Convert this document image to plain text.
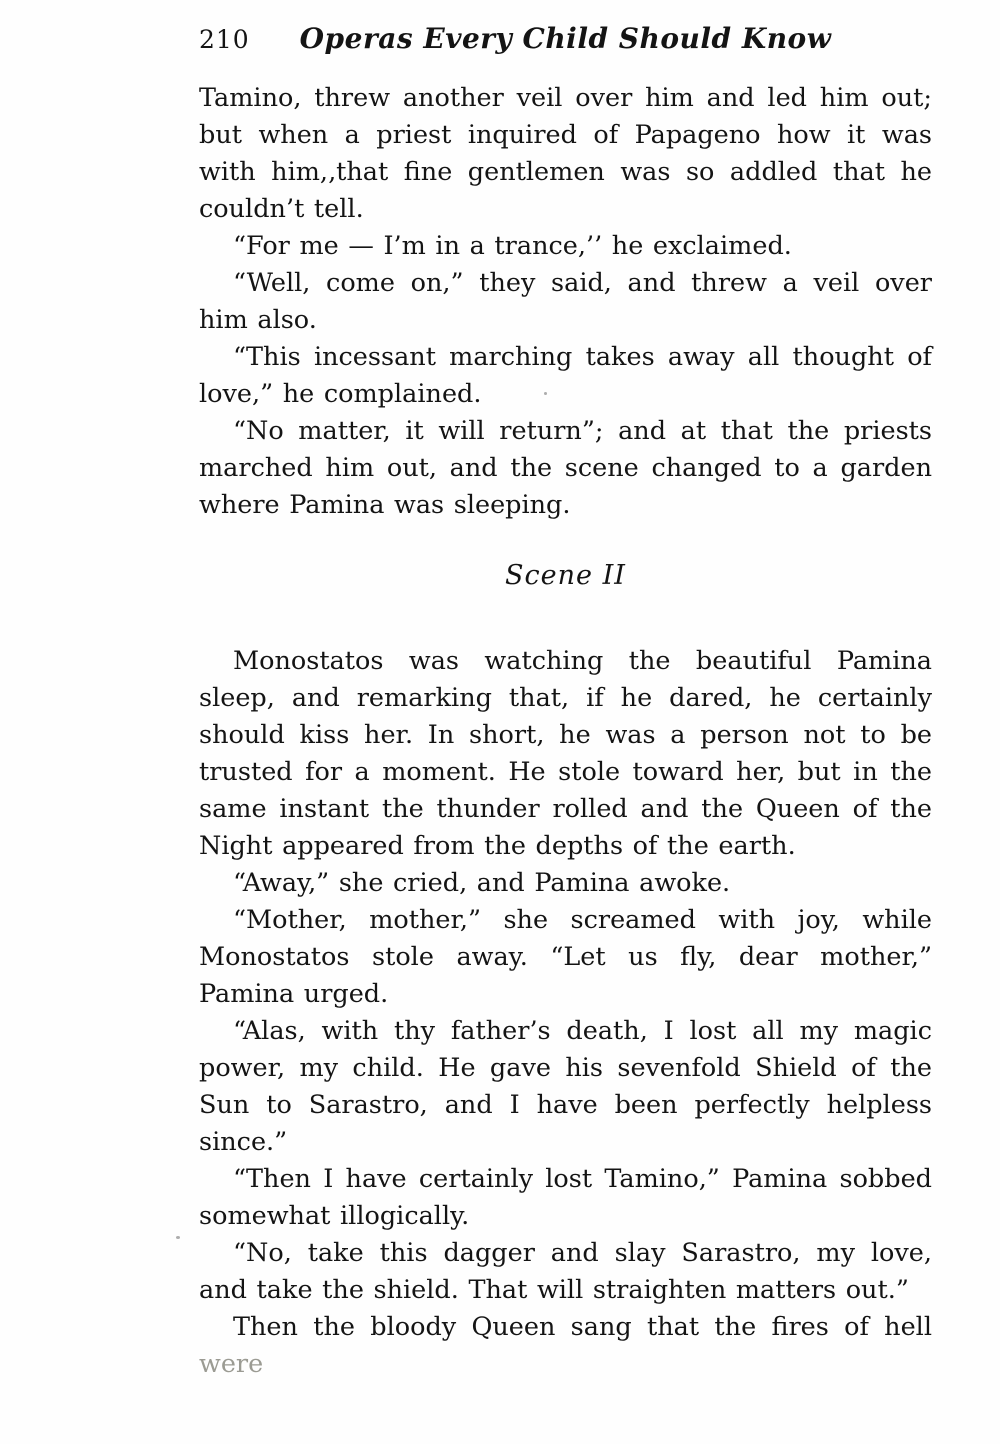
210	Operas Every Child Should Know

Tamino, threw another veil over him and led him out; but when a priest inquired of Papageno how it was with him,‚that fine gentlemen was so addled that he couldn’t tell.

“For me — I’m in a trance,’’ he exclaimed.

“Well, come on,” they said, and threw a veil over him also.

“This incessant marching takes away all thought of love,” he complained.

“No matter, it will return”; and at that the priests marched him out, and the scene changed to a garden where Pamina was sleeping.

Scene II

Monostatos was watching the beautiful Pamina sleep, and remarking that, if he dared, he certainly should kiss her. In short, he was a person not to be trusted for a moment. He stole toward her, but in the same instant the thunder rolled and the Queen of the Night appeared from the depths of the earth.

“Away,” she cried, and Pamina awoke.

“Mother, mother,” she screamed with joy, while Monostatos stole away. “Let us fly, dear mother,” Pamina urged.

“Alas, with thy father’s death, I lost all my magic power, my child. He gave his sevenfold Shield of the Sun to Sarastro, and I have been perfectly helpless since.”

“Then I have certainly lost Tamino,” Pamina sobbed somewhat illogically.

“No, take this dagger and slay Sarastro, my love, and take the shield. That will straighten matters out.”

Then the bloody Queen sang that the fires of hell were
